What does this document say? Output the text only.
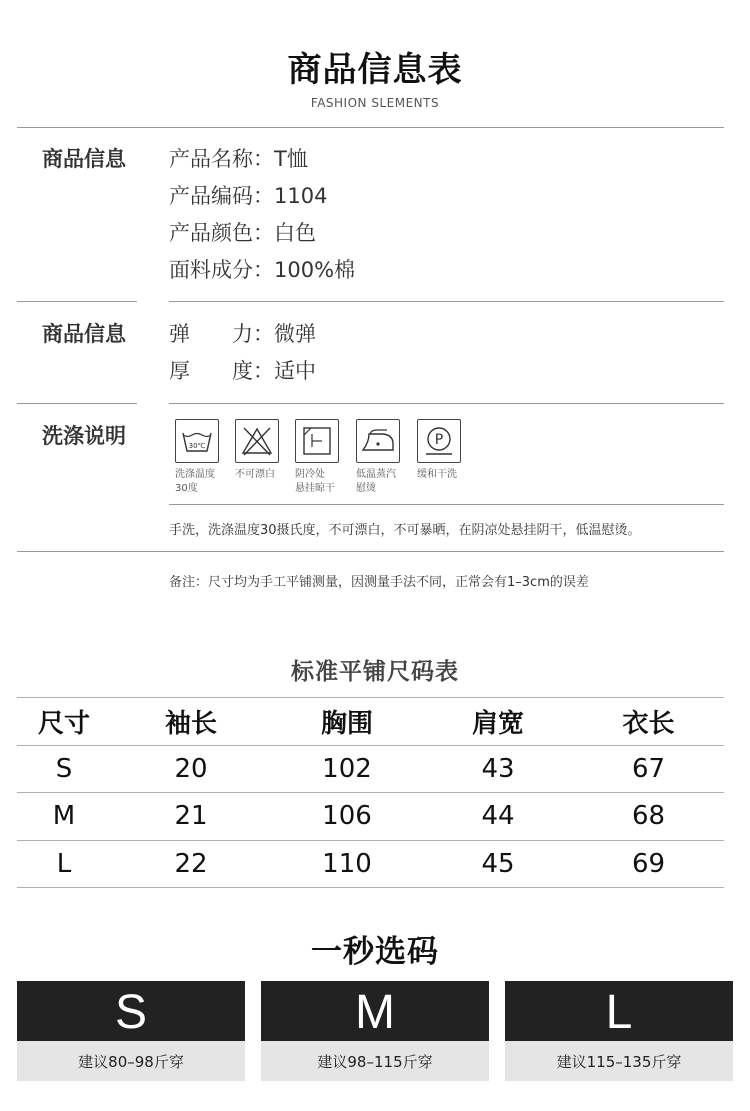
商品信息表
FASHION SLEMENTS
商品信息 产品名称：T恤
产品编码：1104
产品颜色：白色
面料成分：100%棉
商品信息 弹　　力：微弹
厚　　度：适中
洗涤说明	30℃	P
洗涤温度
30度
不可漂白	阴冷处
悬挂晾干
低温蒸汽
慰烫
缓和干洗
手洗，洗涤温度30摄氏度，不可漂白，不可暴晒，在阴凉处悬挂阴干，低温慰烫。
备注：尺寸均为手工平铺测量，因测量手法不同，正常会有1–3cm的误差
标准平铺尺码表
尺寸	袖长	胸围	肩宽	衣长
S	20	102	43	67
M	21	106	44	68
L	22	110	45	69
一秒选码
S
建议80–98斤穿
M
建议98–115斤穿
L
建议115–135斤穿
